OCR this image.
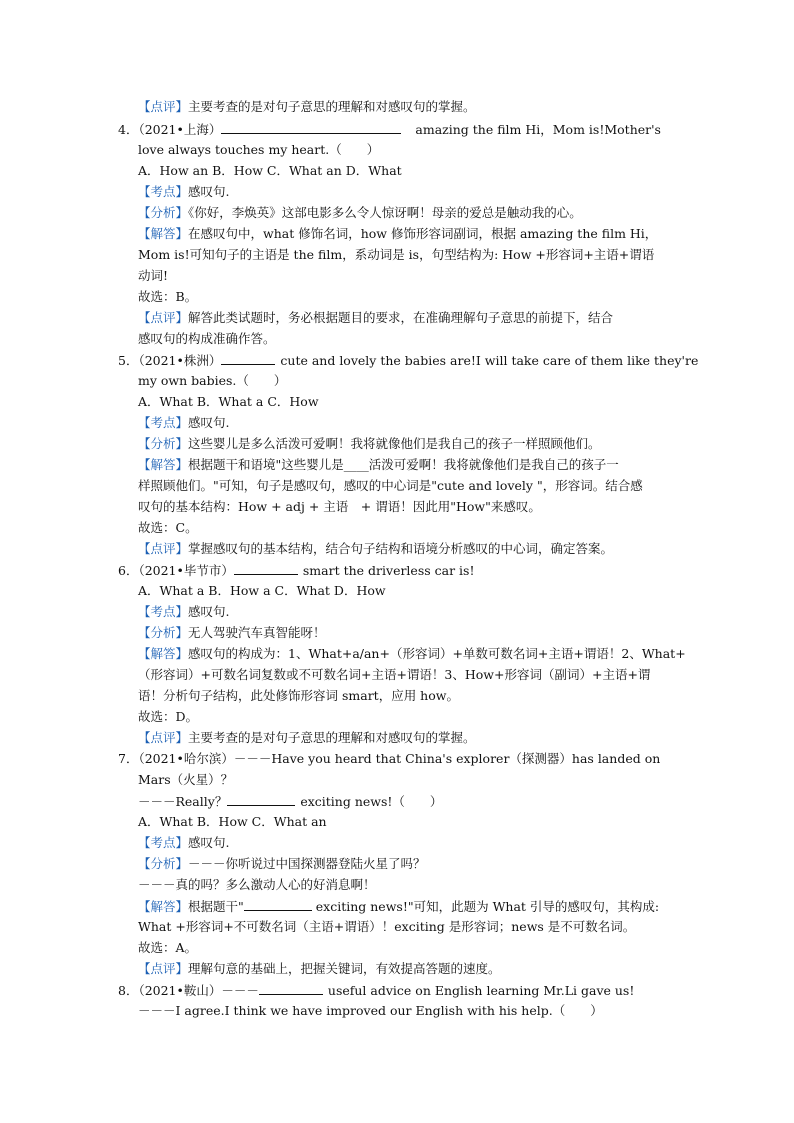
【点评】主要考查的是对句子意思的理解和对感叹句的掌握。
4．（2021•上海）	amazing the film Hi，Mom is!Mother's
love always touches my heart.（　　）
A．How an B．How C．What an D．What
【考点】感叹句.
【分析】《你好，李焕英》这部电影多么令人惊讶啊！母亲的爱总是触动我的心。
【解答】在感叹句中，what 修饰名词，how 修饰形容词副词，根据 amazing the film Hi，
Mom is!可知句子的主语是 the film，系动词是 is，句型结构为: How +形容词+主语+谓语
动词!
故选：B。
【点评】解答此类试题时，务必根据题目的要求，在准确理解句子意思的前提下，结合
感叹句的构成准确作答。
5．（2021•株洲）	cute and lovely the babies are!I will take care of them like they're
my own babies.（　　）
A．What B．What a C．How
【考点】感叹句.
【分析】这些婴儿是多么活泼可爱啊！我将就像他们是我自己的孩子一样照顾他们。
【解答】根据题干和语境"这些婴儿是____活泼可爱啊！我将就像他们是我自己的孩子一
样照顾他们。"可知，句子是感叹句，感叹的中心词是"cute and lovely "，形容词。结合感
叹句的基本结构：How + adj + 主语　+ 谓语！因此用"How"来感叹。
故选：C。
【点评】掌握感叹句的基本结构，结合句子结构和语境分析感叹的中心词，确定答案。
6．（2021•毕节市）	smart the driverless car is!
A．What a B．How a C．What D．How
【考点】感叹句.
【分析】无人驾驶汽车真智能呀！
【解答】感叹句的构成为：1、What+a/an+（形容词）+单数可数名词+主语+谓语！2、What+
（形容词）+可数名词复数或不可数名词+主语+谓语！3、How+形容词（副词）+主语+谓
语！分析句子结构，此处修饰形容词 smart，应用 how。
故选：D。
【点评】主要考查的是对句子意思的理解和对感叹句的掌握。
7．（2021•哈尔滨）－－－Have you heard that China's explorer（探测器）has landed on
Mars（火星）？
－－－Really？	exciting news!（　　）
A．What B．How C．What an
【考点】感叹句.
【分析】－－－你听说过中国探测器登陆火星了吗？
－－－真的吗？多么激动人心的好消息啊！
【解答】根据题干"	exciting news!"可知，此题为 What 引导的感叹句，其构成:
What +形容词+不可数名词（主语+谓语）！exciting 是形容词；news 是不可数名词。
故选：A。
【点评】理解句意的基础上，把握关键词，有效提高答题的速度。
8．（2021•鞍山）－－－	useful advice on English learning Mr.Li gave us!
－－－I agree.I think we have improved our English with his help.（　　）
